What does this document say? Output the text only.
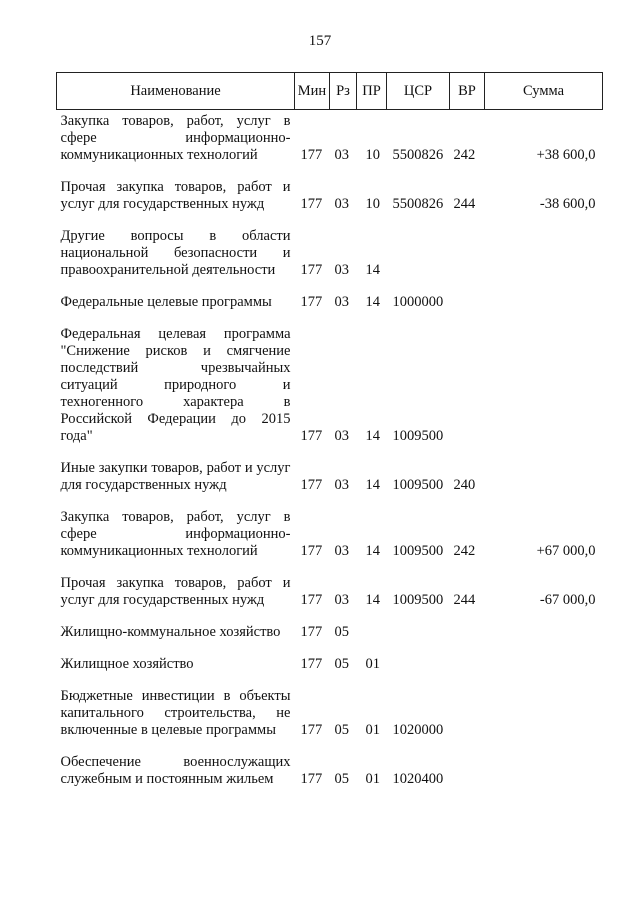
157
Наименование	Мин	Рз	ПР	ЦСР	ВР	Сумма
Закупка товаров, работ, услуг в сфере информационно-коммуникационных технологий	177	03	10	5500826	242	+38 600,0
Прочая закупка товаров, работ и услуг для государственных нужд	177	03	10	5500826	244	-38 600,0
Другие вопросы в области национальной безопасности и правоохранительной деятельности	177	03	14			
Федеральные целевые программы	177	03	14	1000000		
Федеральная целевая программа "Снижение рисков и смягчение последствий чрезвычайных ситуаций природного и техногенного характера в Российской Федерации до 2015 года"	177	03	14	1009500		
Иные закупки товаров, работ и услуг для государственных нужд	177	03	14	1009500	240	
Закупка товаров, работ, услуг в сфере информационно-коммуникационных технологий	177	03	14	1009500	242	+67 000,0
Прочая закупка товаров, работ и услуг для государственных нужд	177	03	14	1009500	244	-67 000,0
Жилищно-коммунальное хозяйство	177	05				
Жилищное хозяйство	177	05	01			
Бюджетные инвестиции в объекты капитального строительства, не включенные в целевые программы	177	05	01	1020000		
Обеспечение военнослужащих служебным и постоянным жильем	177	05	01	1020400		
